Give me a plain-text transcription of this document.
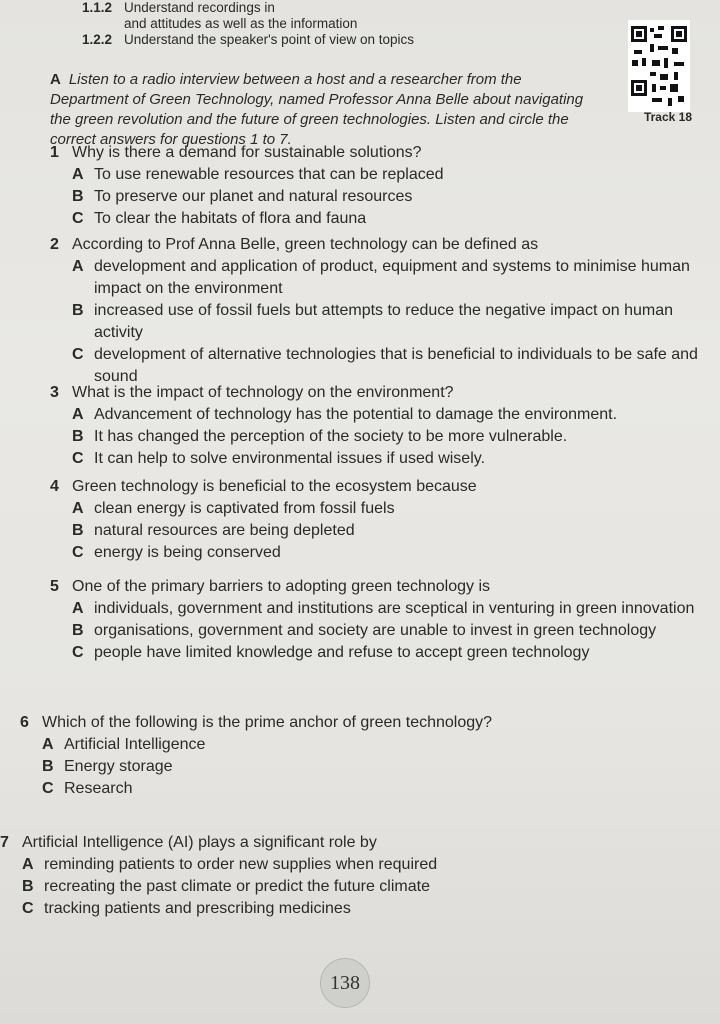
1.1.2 Understand recordings in
and attitudes as well as the information
1.2.2 Understand the speaker's point of view on topics
Track 18
A Listen to a radio interview between a host and a researcher from the Department of Green Technology, named Professor Anna Belle about navigating the green revolution and the future of green technologies. Listen and circle the correct answers for questions 1 to 7.
1 Why is there a demand for sustainable solutions?
A To use renewable resources that can be replaced
B To preserve our planet and natural resources
C To clear the habitats of flora and fauna
2 According to Prof Anna Belle, green technology can be defined as
A development and application of product, equipment and systems to minimise human impact on the environment
B increased use of fossil fuels but attempts to reduce the negative impact on human activity
C development of alternative technologies that is beneficial to individuals to be safe and sound
3 What is the impact of technology on the environment?
A Advancement of technology has the potential to damage the environment.
B It has changed the perception of the society to be more vulnerable.
C It can help to solve environmental issues if used wisely.
4 Green technology is beneficial to the ecosystem because
A clean energy is captivated from fossil fuels
B natural resources are being depleted
C energy is being conserved
5 One of the primary barriers to adopting green technology is
A individuals, government and institutions are sceptical in venturing in green innovation
B organisations, government and society are unable to invest in green technology
C people have limited knowledge and refuse to accept green technology
6 Which of the following is the prime anchor of green technology?
A Artificial Intelligence
B Energy storage
C Research
7 Artificial Intelligence (AI) plays a significant role by
A reminding patients to order new supplies when required
B recreating the past climate or predict the future climate
C tracking patients and prescribing medicines
138
